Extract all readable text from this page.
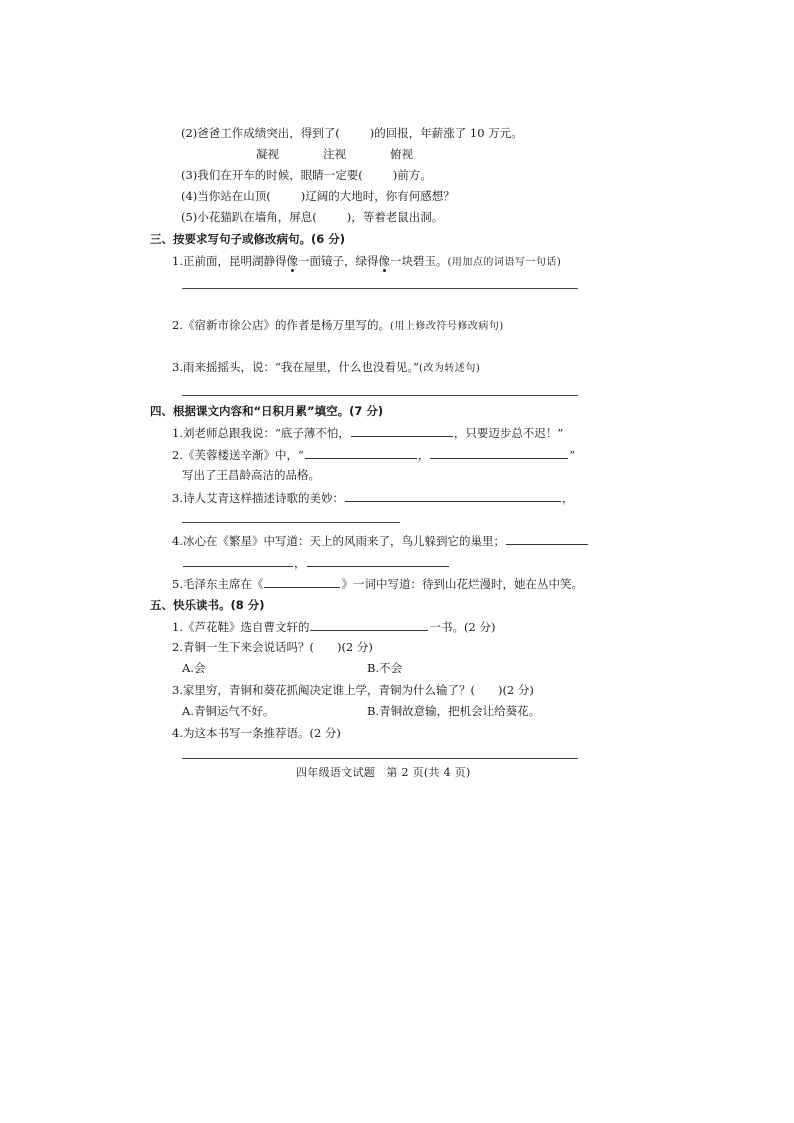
(2)爸爸工作成绩突出，得到了(	)的回报，年薪涨了 10 万元。
凝视	注视	俯视
(3)我们在开车的时候，眼睛一定要(	)前方。
(4)当你站在山顶(	)辽阔的大地时，你有何感想？
(5)小花猫趴在墙角，屏息(	)，等着老鼠出洞。
三、按要求写句子或修改病句。(6 分)
1.正前面，昆明湖静得像一面镜子，绿得像一块碧玉。(用加点的词语写一句话)
2.《宿新市徐公店》的作者是杨万里写的。(用上修改符号修改病句)
3.雨来摇摇头，说：“我在屋里，什么也没看见。”(改为转述句)
四、根据课文内容和“日积月累”填空。(7 分)
1.刘老师总跟我说：“底子薄不怕，	，只要迈步总不迟！”
2.《芙蓉楼送辛渐》中，“	，	”
写出了王昌龄高洁的品格。
3.诗人艾青这样描述诗歌的美妙：	，
4.冰心在《繁星》中写道：天上的风雨来了，鸟儿躲到它的巢里；
，
5.毛泽东主席在《	》一词中写道：待到山花烂漫时，她在丛中笑。
五、快乐读书。(8 分)
1.《芦花鞋》选自曹文轩的	一书。(2 分)
2.青铜一生下来会说话吗？(　　)(2 分)
A.会	B.不会
3.家里穷，青铜和葵花抓阄决定谁上学，青铜为什么输了？(　　)(2 分)
A.青铜运气不好。	B.青铜故意输，把机会让给葵花。
4.为这本书写一条推荐语。(2 分)
四年级语文试题　第 2 页(共 4 页)
